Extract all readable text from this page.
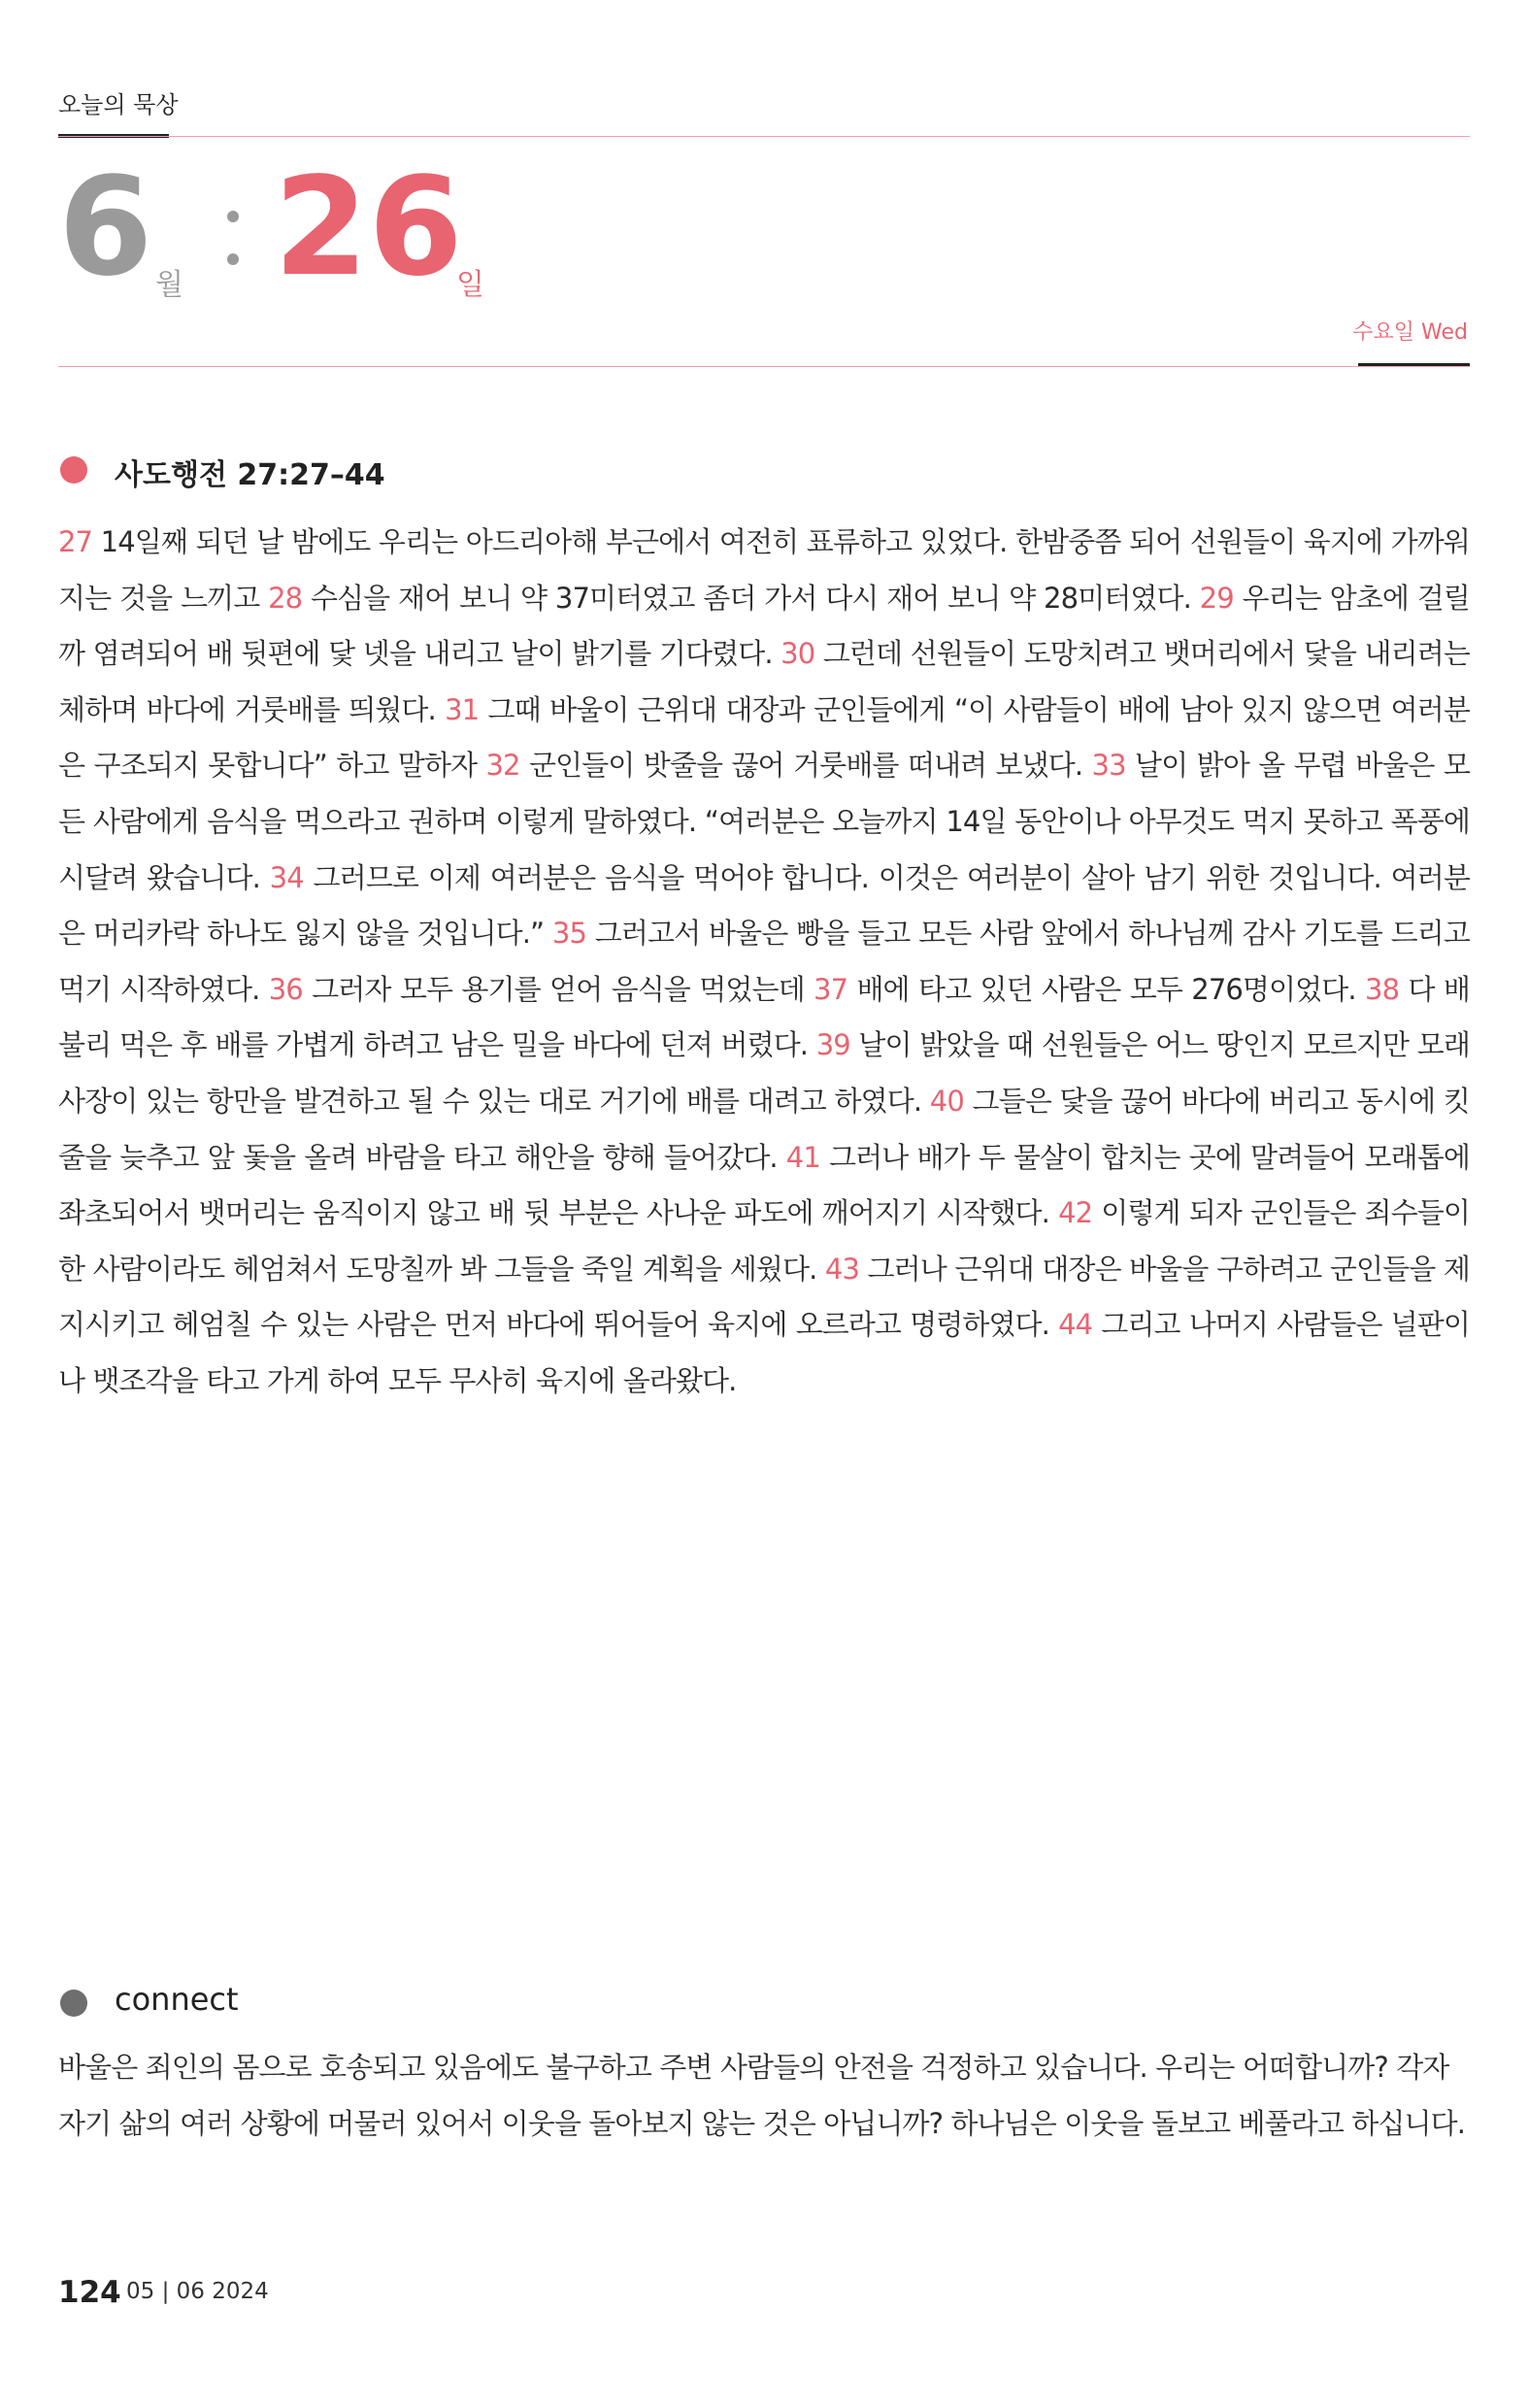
오늘의 묵상
6 월 26
일
수요일 Wed
사도행전 27:27–44
27 14일째 되던 날 밤에도 우리는 아드리아해 부근에서 여전히 표류하고 있었다. 한밤중쯤 되어 선원들이 육지에 가까워지는 것을 느끼고 28 수심을 재어 보니 약 37미터였고 좀더 가서 다시 재어 보니 약 28미터였다. 29 우리는 암초에 걸릴까 염려되어 배 뒷편에 닻 넷을 내리고 날이 밝기를 기다렸다. 30 그런데 선원들이 도망치려고 뱃머리에서 닻을 내리려는 체하며 바다에 거룻배를 띄웠다. 31 그때 바울이 근위대 대장과 군인들에게 “이 사람들이 배에 남아 있지 않으면 여러분은 구조되지 못합니다” 하고 말하자 32 군인들이 밧줄을 끊어 거룻배를 떠내려 보냈다. 33 날이 밝아 올 무렵 바울은 모든 사람에게 음식을 먹으라고 권하며 이렇게 말하였다. “여러분은 오늘까지 14일 동안이나 아무것도 먹지 못하고 폭풍에 시달려 왔습니다. 34 그러므로 이제 여러분은 음식을 먹어야 합니다. 이것은 여러분이 살아 남기 위한 것입니다. 여러분은 머리카락 하나도 잃지 않을 것입니다.” 35 그러고서 바울은 빵을 들고 모든 사람 앞에서 하나님께 감사 기도를 드리고 먹기 시작하였다. 36 그러자 모두 용기를 얻어 음식을 먹었는데 37 배에 타고 있던 사람은 모두 276명이었다. 38 다 배불리 먹은 후 배를 가볍게 하려고 남은 밀을 바다에 던져 버렸다. 39 날이 밝았을 때 선원들은 어느 땅인지 모르지만 모래 사장이 있는 항만을 발견하고 될 수 있는 대로 거기에 배를 대려고 하였다. 40 그들은 닻을 끊어 바다에 버리고 동시에 킷줄을 늦추고 앞 돛을 올려 바람을 타고 해안을 향해 들어갔다. 41 그러나 배가 두 물살이 합치는 곳에 말려들어 모래톱에 좌초되어서 뱃머리는 움직이지 않고 배 뒷 부분은 사나운 파도에 깨어지기 시작했다. 42 이렇게 되자 군인들은 죄수들이 한 사람이라도 헤엄쳐서 도망칠까 봐 그들을 죽일 계획을 세웠다. 43 그러나 근위대 대장은 바울을 구하려고 군인들을 제지시키고 헤엄칠 수 있는 사람은 먼저 바다에 뛰어들어 육지에 오르라고 명령하였다. 44 그리고 나머지 사람들은 널판이나 뱃조각을 타고 가게 하여 모두 무사히 육지에 올라왔다.
connect
바울은 죄인의 몸으로 호송되고 있음에도 불구하고 주변 사람들의 안전을 걱정하고 있습니다. 우리는 어떠합니까? 각자 자기 삶의 여러 상황에 머물러 있어서 이웃을 돌아보지 않는 것은 아닙니까? 하나님은 이웃을 돌보고 베풀라고 하십니다.
124 05 | 06 2024
